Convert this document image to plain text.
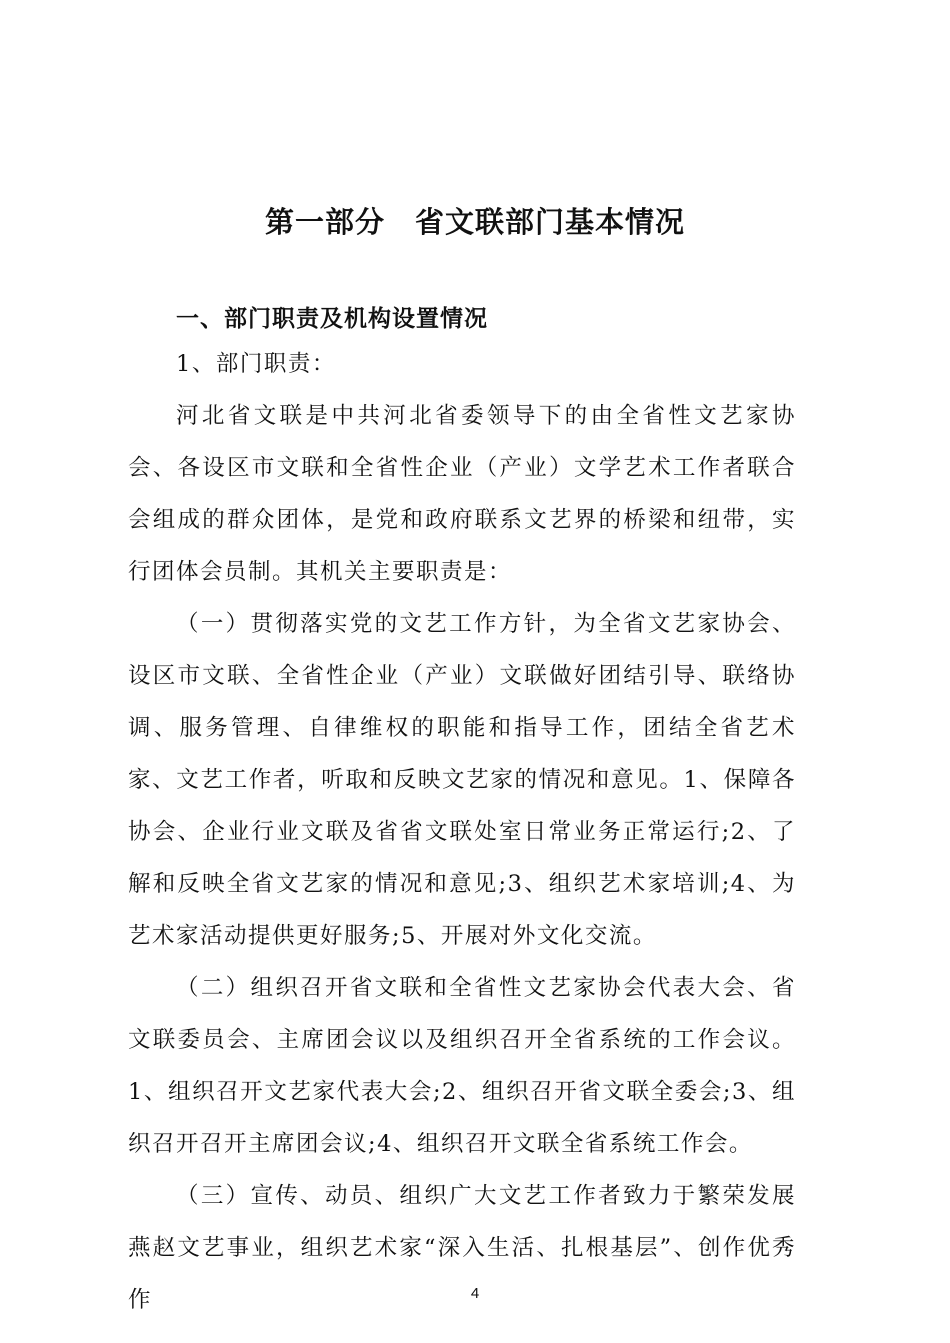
第一部分　省文联部门基本情况
一、部门职责及机构设置情况

1、部门职责：

河北省文联是中共河北省委领导下的由全省性文艺家协会、各设区市文联和全省性企业（产业）文学艺术工作者联合会组成的群众团体，是党和政府联系文艺界的桥梁和纽带，实行团体会员制。其机关主要职责是：

（一）贯彻落实党的文艺工作方针，为全省文艺家协会、设区市文联、全省性企业（产业）文联做好团结引导、联络协调、服务管理、自律维权的职能和指导工作，团结全省艺术家、文艺工作者，听取和反映文艺家的情况和意见。1、保障各协会、企业行业文联及省省文联处室日常业务正常运行;2、了解和反映全省文艺家的情况和意见;3、组织艺术家培训;4、为艺术家活动提供更好服务;5、开展对外文化交流。

（二）组织召开省文联和全省性文艺家协会代表大会、省文联委员会、主席团会议以及组织召开全省系统的工作会议。1、组织召开文艺家代表大会;2、组织召开省文联全委会;3、组织召开召开主席团会议;4、组织召开文联全省系统工作会。

（三）宣传、动员、组织广大文艺工作者致力于繁荣发展燕赵文艺事业，组织艺术家“深入生活、扎根基层”、创作优秀作	4
